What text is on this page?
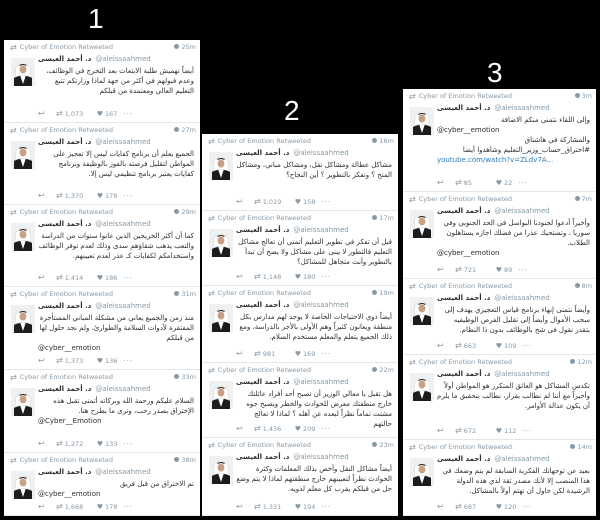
1
2
3
⇄ Cyber of Emotion Retweeted	25m
د. أحمد العيسى @aleissaahmed
أيضاً تهميش طلبة الابتعاث بعد التخرج في الوظائف، وعدم قبولهم في أكثر من جهة لماذا وزارتكم تتبع التعليم العالي ومعتمدة من قبلكم
↩ ⇄ 1,073 ♥ 167 ···
⇄ Cyber of Emotion Retweeted	27m
د. أحمد العيسى @aleissaahmed
الجميع يعلم أن برنامج كفايات ليس إلا تعجيز على المواطن لتقليل فرصته بالفوز بالوظيفة وبرنامج كفايات يعتبر برنامج تنظيمي ليس إلا.
↩ ⇄ 1,370 ♥ 178 ···
⇄ Cyber of Emotion Retweeted	29m
د. أحمد العيسى @aleissaahmed
كما أن أكثر الخريجين الذين عانوا سنوات من الدراسة والتعب يذهب شقاؤهم سدى وذلك لعدم توفر الوظائف واستخدامكم لكفايات كـ عذر لعدم تعيينهم.
↩ ⇄ 1,414 ♥ 186 ···
⇄ Cyber of Emotion Retweeted	31m
د. أحمد العيسى @aleissaahmed
منذ زمن والجميع يعاني من مشكلة المباني المستأجرة المفتقرة لأدوات السلامة والطوارئ، ولم نجد حلول لها من قبلكم
@cyber__emotion
↩ ⇄ 1,373 ♥ 136 ···
⇄ Cyber of Emotion Retweeted	33m
د. أحمد العيسى @aleissaahmed
السلام عليكم ورحمة الله وبركاته أتمنى تقبل هذه الإختراق بصدر رحب، وترى ما يطرح هنا.
@Cyber__Emotion
↩ ⇄ 1,272 ♥ 133 ···
⇄ Cyber of Emotion Retweeted	38m
د. أحمد العيسى @aleissaahmed
تم الاختراق من قبل فريق
@cyber__emotion
↩ ⇄ 1,668 ♥ 178 ···
⇄ Cyber of Emotion Retweeted	16m
د. أحمد العيسى @aleissaahmed
مشاكل عطالة ومشاكل نقل، ومشاكل مباني، ومشاكل المنح ؟ وتفكر بالتطوير ؟ أين النجاح؟
↩ ⇄ 1,019 ♥ 158 ···
⇄ Cyber of Emotion Retweeted	17m
د. أحمد العيسى @aleissaahmed
قبل أن تفكر في تطوير التعليم أتمنى أن تعالج مشاكل التعليم فالتطور لا يبنى على مشاكل ولا يصح أن تبدأ بالتطوير وأنت متجاهل للمشاكل؟
↩ ⇄ 1,148 ♥ 180 ···
⇄ Cyber of Emotion Retweeted	19m
د. أحمد العيسى @aleissaahmed
أيضاً ذوي الاحتياجات الخاصة لا يوجد لهم مدارس بكل منطقة ويعانون كثيراً وهم الأولى بالأجر بالدراسة، ومع ذلك الجميع يتعلم والمعلم مستخدم السلام.
↩ ⇄ 981	♥ 169 ···
⇄ Cyber of Emotion Retweeted	22m
د. أحمد العيسى @aleissaahmed
هل تقبل يا معالي الوزير أن تصبح أحد أفراد عائلتك خارج منطقتك معرض للحوادث والخطر ويصبح جوه مشتت تماماً نظراً لبعده عن أهله ؟ لماذا لا تعالج حالتهم
↩ ⇄ 1,436 ♥ 209 ···
⇄ Cyber of Emotion Retweeted	23m
د. أحمد العيسى @aleissaahmed
أيضاً مشاكل النقل وأخص بذلك المعلمات وكثرة الحوادث نظراً لتعيينهم خارج منطقتهم لماذا لا يتم وضع حل من قبلكم يقرب كل معلم لذويه.
↩ ⇄ 1,331 ♥ 194 ···
⇄ Cyber of Emotion Retweeted	3m
د. أحمد العيسى @aleissaahmed
وإلى اللقاء نتمنى منكم الاضافة
@cyber__emotion
والمشاركة في هاشتاق #اختراق_حساب_وزير_التعليم وشاهدوا أيضا
youtube.com/watch?v=ZLdv7A...
↩ ⇄ 85	♥ 22 ···
⇄ Cyber of Emotion Retweeted	7m
د. أحمد العيسى @aleissaahmed
وأخيراً أدعوا لجنودنا البواسل في الحد الجنوبي وفي سوريا ، وتستحيك عذرا من فضلك اجازه يستاهلون الطلاب.
@cyber__emotion
↩ ⇄ 721	♥ 89 ···
⇄ Cyber of Emotion Retweeted	8m
د. أحمد العيسى @aleissaahmed
وأيضاً نتمنى إنهاء برنامج قياس التعجيزي يهدف إلى سحب الأموال وأيضاً إلى تقليل الفرص الوظيفيه بتقدر نقول في شح بالوظائف بدون ذا النظام.
↩ ⇄ 663	♥ 109 ···
⇄ Cyber of Emotion Retweeted	12m
د. أحمد العيسى @aleissaahmed
تكدس المشاكل هو العائق المتكرر هو المواطن أولاً وأخيراً مع أننا لم نطالب بقرار، نطالب بتحقيق ما يلزم أن يكون عدالة الأوامر.
↩ ⇄ 672	♥ 112 ···
⇄ Cyber of Emotion Retweeted	14m
د. أحمد العيسى @aleissaahmed
بعيد عن توجهاتك الفكرية السابقة لم يتم وضعك في هذا المنصب إلا لأنك مصدر ثقة لذي هذه الدولة الرشيدة لكن حاول أن تهتم أولاً بالمشاكل.
↩ ⇄ 687	♥ 120 ···
